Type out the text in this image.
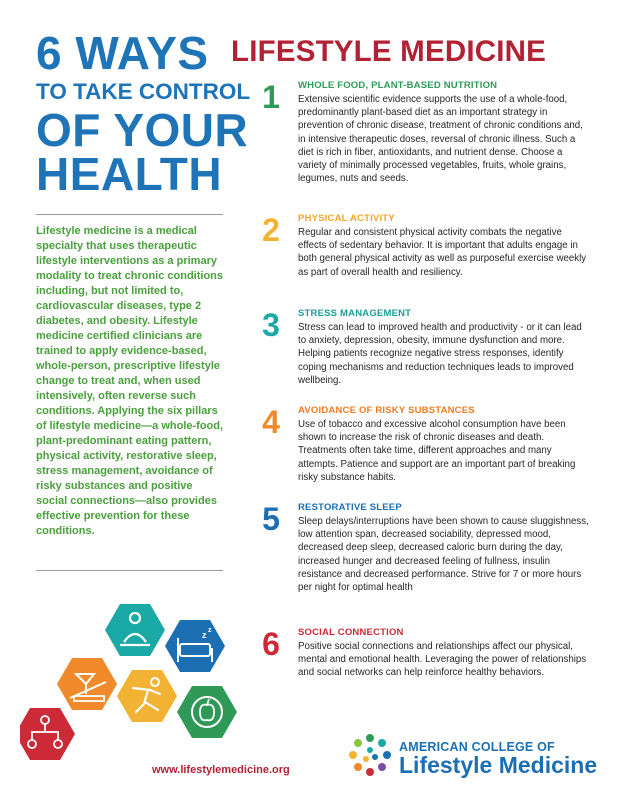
6 WAYS LIFESTYLE MEDICINE
TO TAKE CONTROL
OF YOUR
HEALTH
Lifestyle medicine is a medical specialty that uses therapeutic lifestyle interventions as a primary modality to treat chronic conditions including, but not limited to, cardiovascular diseases, type 2 diabetes, and obesity. Lifestyle medicine certified clinicians are trained to apply evidence-based, whole-person, prescriptive lifestyle change to treat and, when used intensively, often reverse such conditions. Applying the six pillars of lifestyle medicine—a whole-food, plant-predominant eating pattern, physical activity, restorative sleep, stress management, avoidance of risky substances and positive social connections—also provides effective prevention for these conditions.
1	WHOLE FOOD, PLANT-BASED NUTRITION
Extensive scientific evidence supports the use of a whole-food, predominantly plant-based diet as an important strategy in prevention of chronic disease, treatment of chronic conditions and, in intensive therapeutic doses, reversal of chronic illness. Such a diet is rich in fiber, antioxidants, and nutrient dense. Choose a variety of minimally processed vegetables, fruits, whole grains, legumes, nuts and seeds.
2	PHYSICAL ACTIVITY
Regular and consistent physical activity combats the negative effects of sedentary behavior. It is important that adults engage in both general physical activity as well as purposeful exercise weekly as part of overall health and resiliency.
3	STRESS MANAGEMENT
Stress can lead to improved health and productivity - or it can lead to anxiety, depression, obesity, immune dysfunction and more. Helping patients recognize negative stress responses, identify coping mechanisms and reduction techniques leads to improved wellbeing.
4	AVOIDANCE OF RISKY SUBSTANCES
Use of tobacco and excessive alcohol consumption have been shown to increase the risk of chronic diseases and death. Treatments often take time, different approaches and many attempts. Patience and support are an important part of breaking risky substance habits.
5	RESTORATIVE SLEEP
Sleep delays/interruptions have been shown to cause sluggishness, low attention span, decreased sociability, depressed mood, decreased deep sleep, decreased caloric burn during the day, increased hunger and decreased feeling of fullness, insulin resistance and decreased performance. Strive for 7 or more hours per night for optimal health
6	SOCIAL CONNECTION
Positive social connections and relationships affect our physical, mental and emotional health. Leveraging the power of relationships and social networks can help reinforce healthy behaviors.
z z
www.lifestylemedicine.org
AMERICAN COLLEGE OF
Lifestyle Medicine
